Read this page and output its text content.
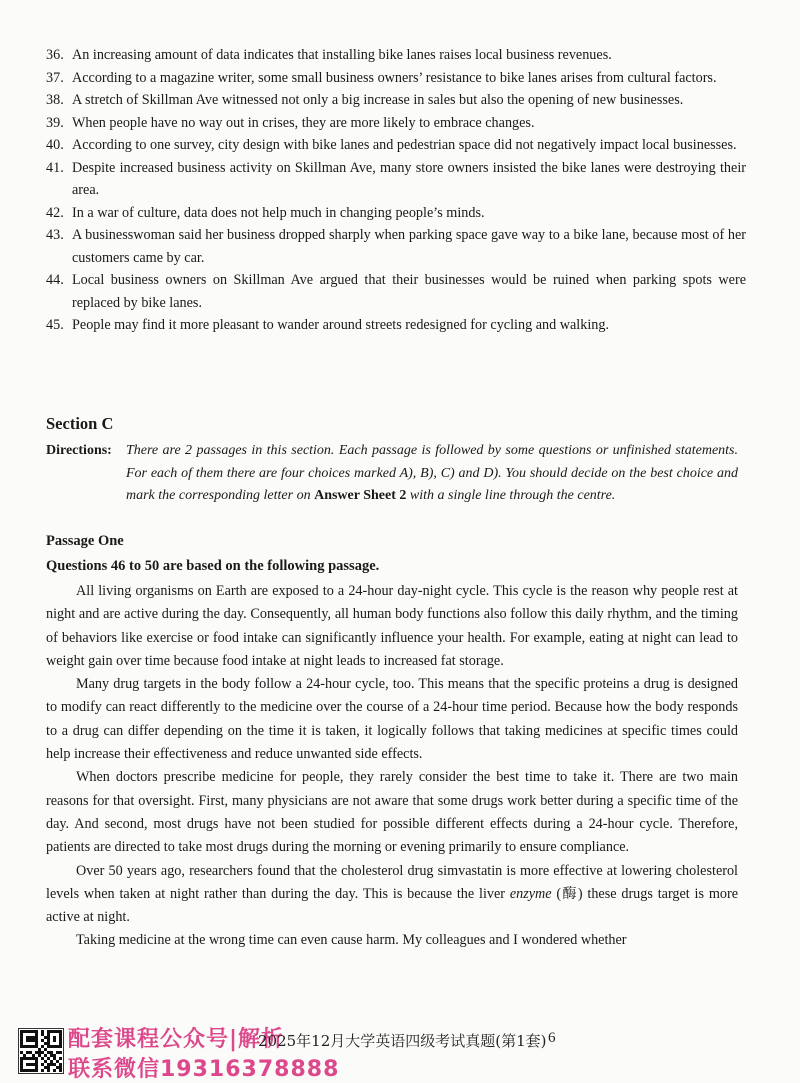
36. An increasing amount of data indicates that installing bike lanes raises local business revenues.
37. According to a magazine writer, some small business owners’ resistance to bike lanes arises from cultural factors.
38. A stretch of Skillman Ave witnessed not only a big increase in sales but also the opening of new businesses.
39. When people have no way out in crises, they are more likely to embrace changes.
40. According to one survey, city design with bike lanes and pedestrian space did not negatively impact local businesses.
41. Despite increased business activity on Skillman Ave, many store owners insisted the bike lanes were destroying their area.
42. In a war of culture, data does not help much in changing people’s minds.
43. A businesswoman said her business dropped sharply when parking space gave way to a bike lane, because most of her customers came by car.
44. Local business owners on Skillman Ave argued that their businesses would be ruined when parking spots were replaced by bike lanes.
45. People may find it more pleasant to wander around streets redesigned for cycling and walking.
Section C
Directions:	There are 2 passages in this section. Each passage is followed by some questions or unfinished statements. For each of them there are four choices marked A), B), C) and D). You should decide on the best choice and mark the corresponding letter on Answer Sheet 2 with a single line through the centre.
Passage One
Questions 46 to 50 are based on the following passage.

All living organisms on Earth are exposed to a 24-hour day-night cycle. This cycle is the reason why people rest at night and are active during the day. Consequently, all human body functions also follow this daily rhythm, and the timing of behaviors like exercise or food intake can significantly influence your health. For example, eating at night can lead to weight gain over time because food intake at night leads to increased fat storage.

Many drug targets in the body follow a 24-hour cycle, too. This means that the specific proteins a drug is designed to modify can react differently to the medicine over the course of a 24-hour time period. Because how the body responds to a drug can differ depending on the time it is taken, it logically follows that taking medicines at specific times could help increase their effectiveness and reduce unwanted side effects.

When doctors prescribe medicine for people, they rarely consider the best time to take it. There are two main reasons for that oversight. First, many physicians are not aware that some drugs work better during a specific time of the day. And second, most drugs have not been studied for possible different effects during a 24-hour cycle. Therefore, patients are directed to take most drugs during the morning or evening primarily to ensure compliance.

Over 50 years ago, researchers found that the cholesterol drug simvastatin is more effective at lowering cholesterol levels when taken at night rather than during the day. This is because the liver enzyme (酶) these drugs target is more active at night.

Taking medicine at the wrong time can even cause harm. My colleagues and I wondered whether

配套课程公众号|解析
联系微信19316378888
2025年12月大学英语四级考试真题(第1套) 6
